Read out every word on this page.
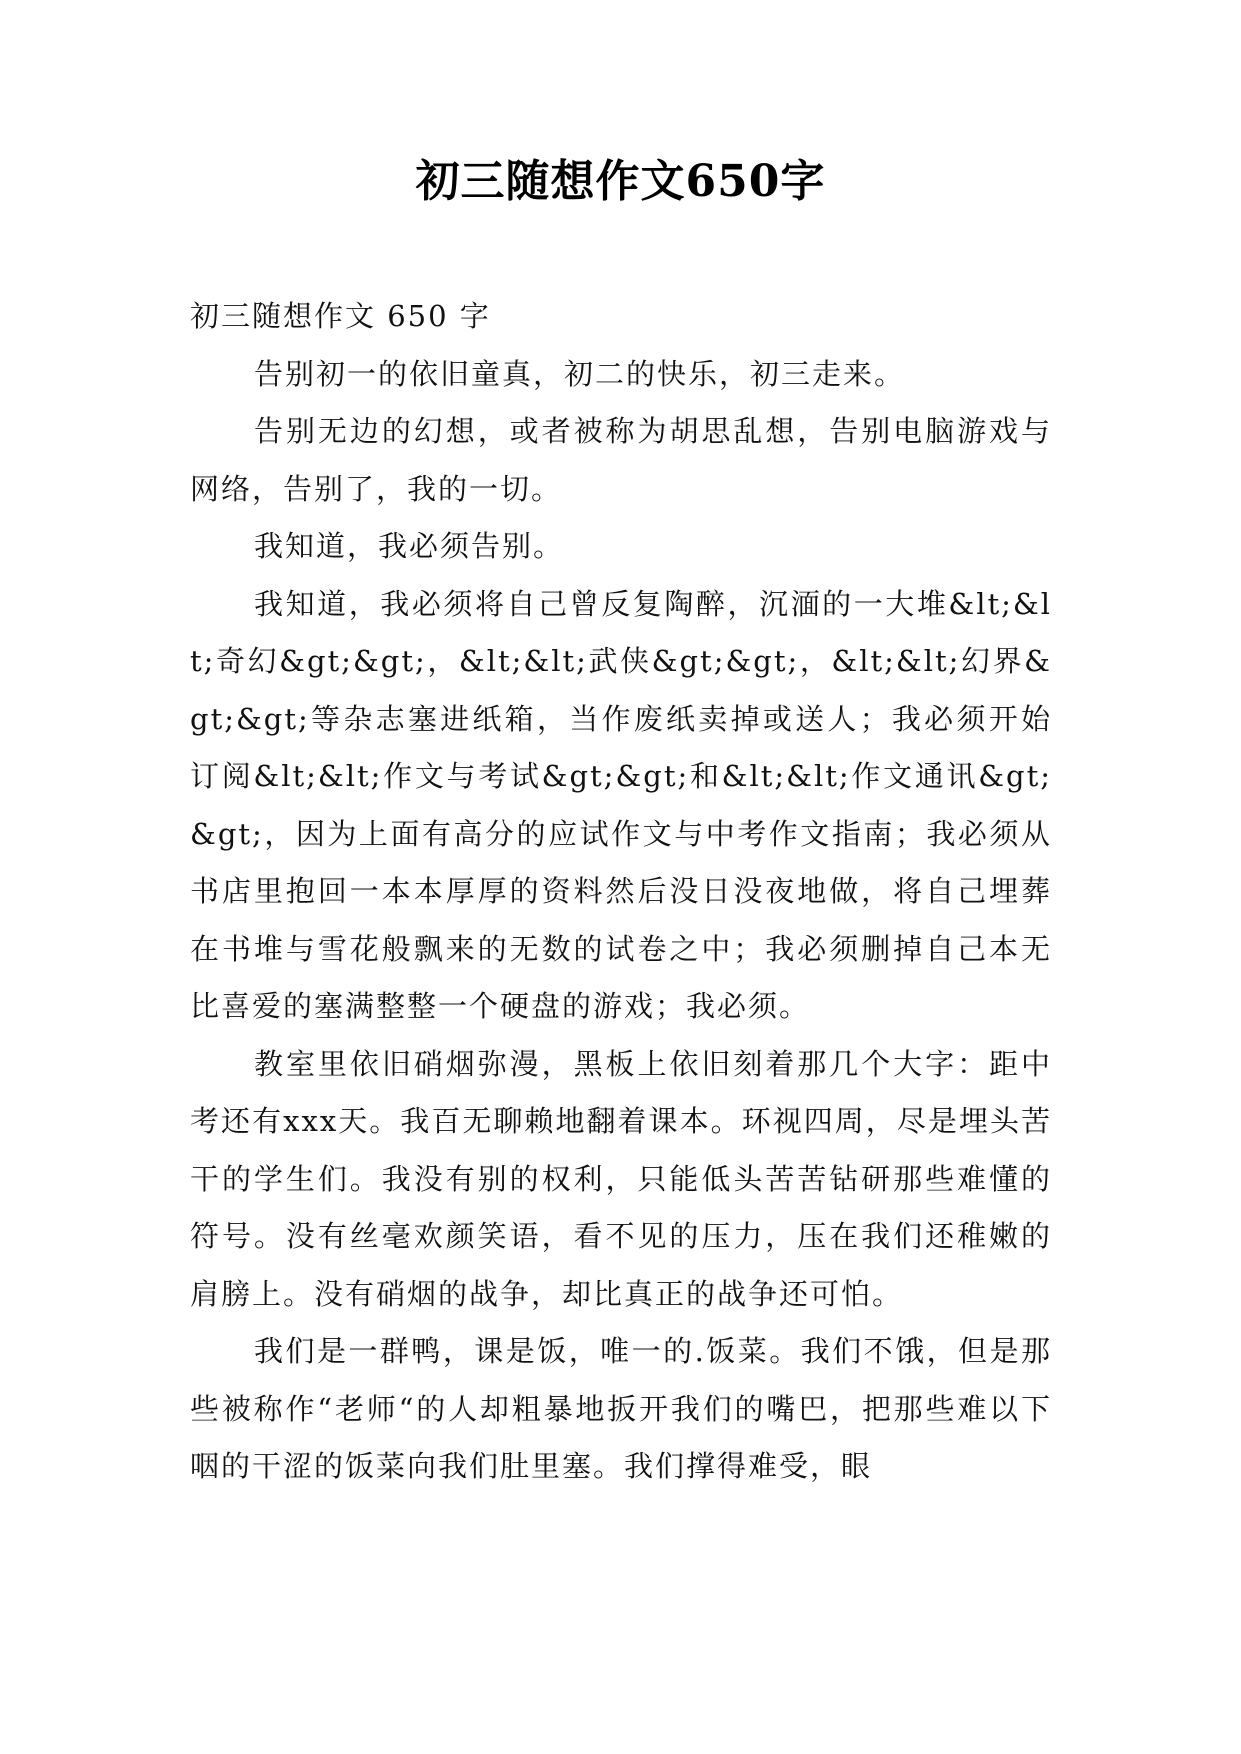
初三随想作文650字

初三随想作文 650 字

告别初一的依旧童真，初二的快乐，初三走来。

告别无边的幻想，或者被称为胡思乱想，告别电脑游戏与网络，告别了，我的一切。

我知道，我必须告别。

我知道，我必须将自己曾反复陶醉，沉湎的一大堆&lt;&lt;奇幻&gt;&gt;，&lt;&lt;武侠&gt;&gt;，&lt;&lt;幻界&gt;&gt;等杂志塞进纸箱，当作废纸卖掉或送人；我必须开始订阅&lt;&lt;作文与考试&gt;&gt;和&lt;&lt;作文通讯&gt;&gt;，因为上面有高分的应试作文与中考作文指南；我必须从书店里抱回一本本厚厚的资料然后没日没夜地做，将自己埋葬在书堆与雪花般飘来的无数的试卷之中；我必须删掉自己本无比喜爱的塞满整整一个硬盘的游戏；我必须。

教室里依旧硝烟弥漫，黑板上依旧刻着那几个大字：距中考还有xxx天。我百无聊赖地翻着课本。环视四周，尽是埋头苦干的学生们。我没有别的权利，只能低头苦苦钻研那些难懂的符号。没有丝毫欢颜笑语，看不见的压力，压在我们还稚嫩的肩膀上。没有硝烟的战争，却比真正的战争还可怕。

我们是一群鸭，课是饭，唯一的.饭菜。我们不饿，但是那些被称作“老师“的人却粗暴地扳开我们的嘴巴，把那些难以下咽的干涩的饭菜向我们肚里塞。我们撑得难受，眼
